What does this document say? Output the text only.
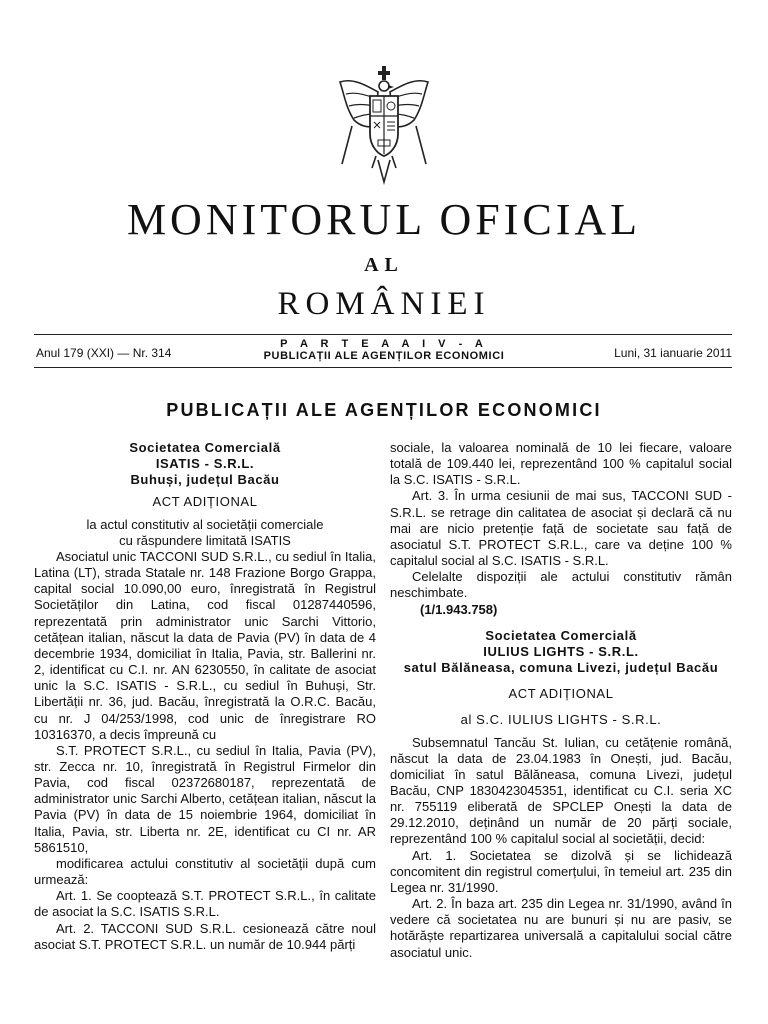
MONITORUL OFICIAL
AL
ROMÂNIEI
Anul 179 (XXI) — Nr. 314
P A R T E A A I V - A
PUBLICAȚII ALE AGENȚILOR ECONOMICI	Luni, 31 ianuarie 2011
PUBLICAȚII ALE AGENȚILOR ECONOMICI

Societatea Comercială

ISATIS - S.R.L.

Buhuși, județul Bacău

ACT ADIȚIONAL

la actul constitutiv al societății comerciale

cu răspundere limitată ISATIS

Asociatul unic TACCONI SUD S.R.L., cu sediul în Italia, Latina (LT), strada Statale nr. 148 Frazione Borgo Grappa, capital social 10.090,00 euro, înregistrată în Registrul Societăților din Latina, cod fiscal 01287440596, reprezentată prin administrator unic Sarchi Vittorio, cetățean italian, născut la data de Pavia (PV) în data de 4 decembrie 1934, domiciliat în Italia, Pavia, str. Ballerini nr. 2, identificat cu C.I. nr. AN 6230550, în calitate de asociat unic la S.C. ISATIS - S.R.L., cu sediul în Buhuși, Str. Libertății nr. 36, jud. Bacău, înregistrată la O.R.C. Bacău, cu nr. J 04/253/1998, cod unic de înregistrare RO 10316370, a decis împreună cu

S.T. PROTECT S.R.L., cu sediul în Italia, Pavia (PV), str. Zecca nr. 10, înregistrată în Registrul Firmelor din Pavia, cod fiscal 02372680187, reprezentată de administrator unic Sarchi Alberto, cetățean italian, născut la Pavia (PV) în data de 15 noiembrie 1964, domiciliat în Italia, Pavia, str. Liberta nr. 2E, identificat cu CI nr. AR 5861510,

modificarea actului constitutiv al societății după cum urmează:

Art. 1. Se cooptează S.T. PROTECT S.R.L., în calitate de asociat la S.C. ISATIS S.R.L.

Art. 2. TACCONI SUD S.R.L. cesionează către noul asociat S.T. PROTECT S.R.L. un număr de 10.944 părți

sociale, la valoarea nominală de 10 lei fiecare, valoare totală de 109.440 lei, reprezentând 100 % capitalul social la S.C. ISATIS - S.R.L.

Art. 3. În urma cesiunii de mai sus, TACCONI SUD - S.R.L. se retrage din calitatea de asociat și declară că nu mai are nicio pretenție față de societate sau față de asociatul S.T. PROTECT S.R.L., care va deține 100 % capitalul social al S.C. ISATIS - S.R.L.

Celelalte dispoziții ale actului constitutiv rămân neschimbate.

(1/1.943.758)

Societatea Comercială

IULIUS LIGHTS - S.R.L.

satul Bălăneasa, comuna Livezi, județul Bacău

ACT ADIȚIONAL

al S.C. IULIUS LIGHTS - S.R.L.

Subsemnatul Tancău St. Iulian, cu cetățenie română, născut la data de 23.04.1983 în Onești, jud. Bacău, domiciliat în satul Bălăneasa, comuna Livezi, județul Bacău, CNP 1830423045351, identificat cu C.I. seria XC nr. 755119 eliberată de SPCLEP Onești la data de 29.12.2010, deținând un număr de 20 părți sociale, reprezentând 100 % capitalul social al societății, decid:

Art. 1. Societatea se dizolvă și se lichidează concomitent din registrul comerțului, în temeiul art. 235 din Legea nr. 31/1990.

Art. 2. În baza art. 235 din Legea nr. 31/1990, având în vedere că societatea nu are bunuri și nu are pasiv, se hotărăște repartizarea universală a capitalului social către asociatul unic.
